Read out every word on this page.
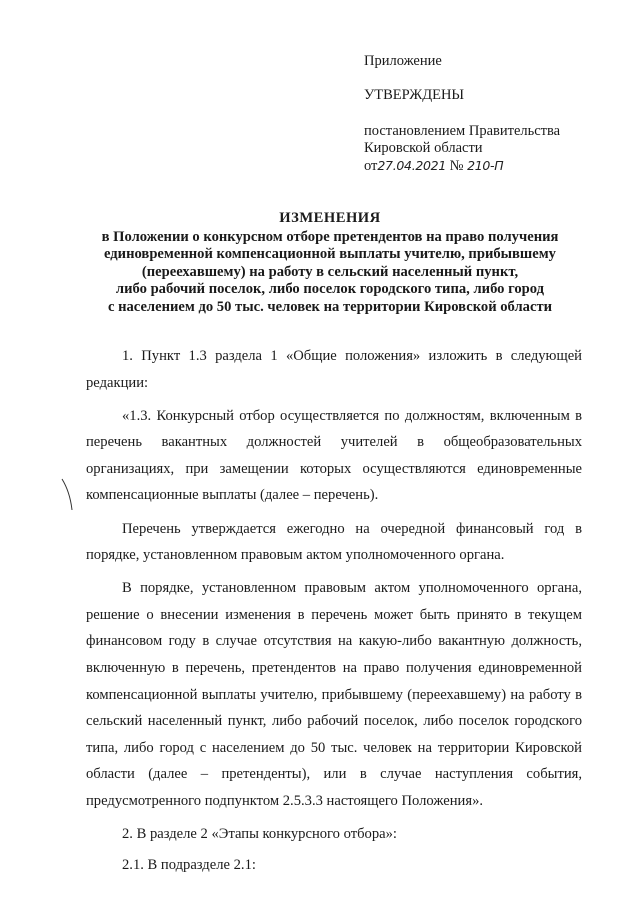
Приложение
УТВЕРЖДЕНЫ
постановлением Правительства
Кировской области
от27.04.2021 № 210-П
ИЗМЕНЕНИЯ
в Положении о конкурсном отборе претендентов на право получения
единовременной компенсационной выплаты учителю, прибывшему
(переехавшему) на работу в сельский населенный пункт,
либо рабочий поселок, либо поселок городского типа, либо город
с населением до 50 тыс. человек на территории Кировской области

1. Пункт 1.3 раздела 1 «Общие положения» изложить в следующей редакции:

«1.3. Конкурсный отбор осуществляется по должностям, включенным в перечень вакантных должностей учителей в общеобразовательных организациях, при замещении которых осуществляются единовременные компенсационные выплаты (далее – перечень).

Перечень утверждается ежегодно на очередной финансовый год в порядке, установленном правовым актом уполномоченного органа.

В порядке, установленном правовым актом уполномоченного органа, решение о внесении изменения в перечень может быть принято в текущем финансовом году в случае отсутствия на какую-либо вакантную должность, включенную в перечень, претендентов на право получения единовременной компенсационной выплаты учителю, прибывшему (переехавшему) на работу в сельский населенный пункт, либо рабочий поселок, либо поселок городского типа, либо город с населением до 50 тыс. человек на территории Кировской области (далее – претенденты), или в случае наступления события, предусмотренного подпунктом 2.5.3.3 настоящего Положения».

2. В разделе 2 «Этапы конкурсного отбора»:

2.1. В подразделе 2.1:
